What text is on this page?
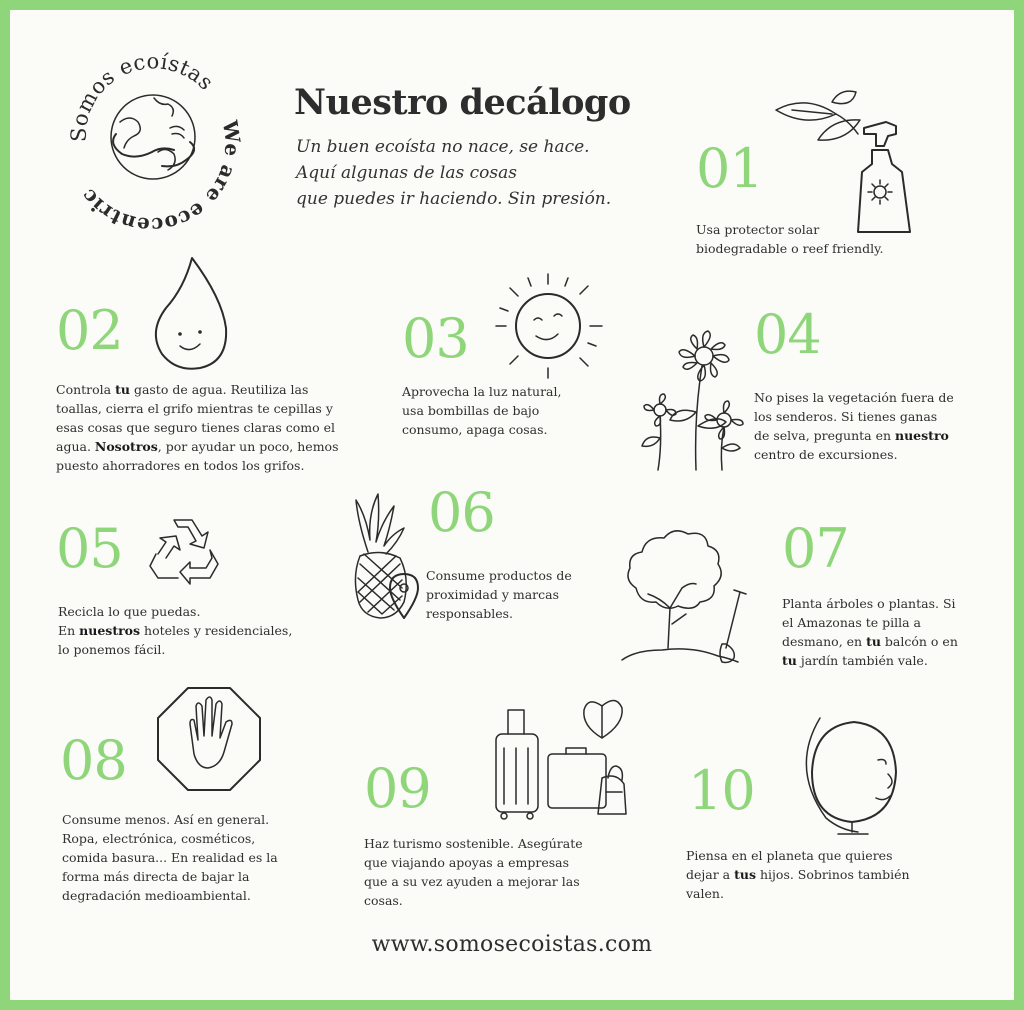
Somos ecoístas
We are ecocentric
Nuestro decálogo
Un buen ecoísta no nace, se hace.
Aquí algunas de las cosas
que puedes ir haciendo. Sin presión. 01
Usa protector solar biodegradable o reef friendly.
02
Controla tu gasto de agua. Reutiliza las toallas, cierra el grifo mientras te cepillas y esas cosas que seguro tienes claras como el agua. Nosotros, por ayudar un poco, hemos puesto ahorradores en todos los grifos.
03
Aprovecha la luz natural, usa bombillas de bajo consumo, apaga cosas.
04
No pises la vegetación fuera de los senderos. Si tienes ganas de selva, pregunta en nuestro centro de excursiones.
05
Recicla lo que puedas.
En nuestros hoteles y residenciales,
lo ponemos fácil.
06
Consume productos de proximidad y marcas responsables.
07
Planta árboles o plantas. Si el Amazonas te pilla a desmano, en tu balcón o en tu jardín también vale.
08
Consume menos. Así en general. Ropa, electrónica, cosméticos, comida basura... En realidad es la forma más directa de bajar la degradación medioambiental.
09
Haz turismo sostenible. Asegúrate que viajando apoyas a empresas que a su vez ayuden a mejorar las cosas.
10
Piensa en el planeta que quieres dejar a tus hijos. Sobrinos también valen.
www.somosecoistas.com
